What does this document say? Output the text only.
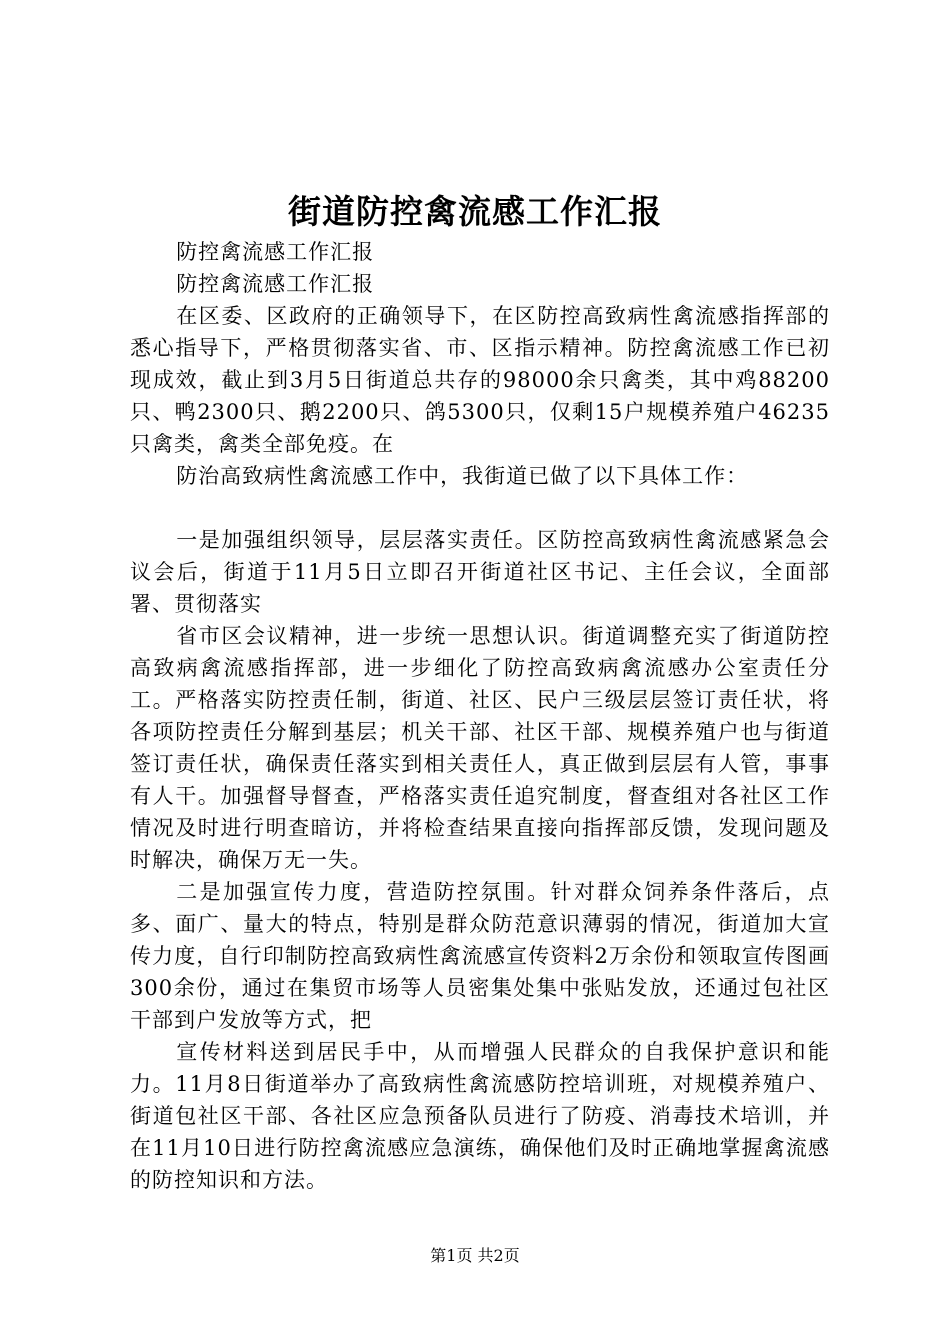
街道防控禽流感工作汇报

防控禽流感工作汇报

防控禽流感工作汇报

在区委、区政府的正确领导下，在区防控高致病性禽流感指挥部的悉心指导下，严格贯彻落实省、市、区指示精神。防控禽流感工作已初现成效，截止到3月5日街道总共存的98000余只禽类，其中鸡88200只、鸭2300只、鹅2200只、鸽5300只，仅剩15户规模养殖户46235只禽类，禽类全部免疫。在

防治高致病性禽流感工作中，我街道已做了以下具体工作：

一是加强组织领导，层层落实责任。区防控高致病性禽流感紧急会议会后，街道于11月5日立即召开街道社区书记、主任会议，全面部署、贯彻落实

省市区会议精神，进一步统一思想认识。街道调整充实了街道防控高致病禽流感指挥部，进一步细化了防控高致病禽流感办公室责任分工。严格落实防控责任制，街道、社区、民户三级层层签订责任状，将各项防控责任分解到基层；机关干部、社区干部、规模养殖户也与街道签订责任状，确保责任落实到相关责任人，真正做到层层有人管，事事有人干。加强督导督查，严格落实责任追究制度，督查组对各社区工作情况及时进行明查暗访，并将检查结果直接向指挥部反馈，发现问题及时解决，确保万无一失。

二是加强宣传力度，营造防控氛围。针对群众饲养条件落后，点多、面广、量大的特点，特别是群众防范意识薄弱的情况，街道加大宣传力度，自行印制防控高致病性禽流感宣传资料2万余份和领取宣传图画300余份，通过在集贸市场等人员密集处集中张贴发放，还通过包社区干部到户发放等方式，把

宣传材料送到居民手中，从而增强人民群众的自我保护意识和能力。11月8日街道举办了高致病性禽流感防控培训班，对规模养殖户、街道包社区干部、各社区应急预备队员进行了防疫、消毒技术培训，并在11月10日进行防控禽流感应急演练，确保他们及时正确地掌握禽流感的防控知识和方法。

第1页 共2页
